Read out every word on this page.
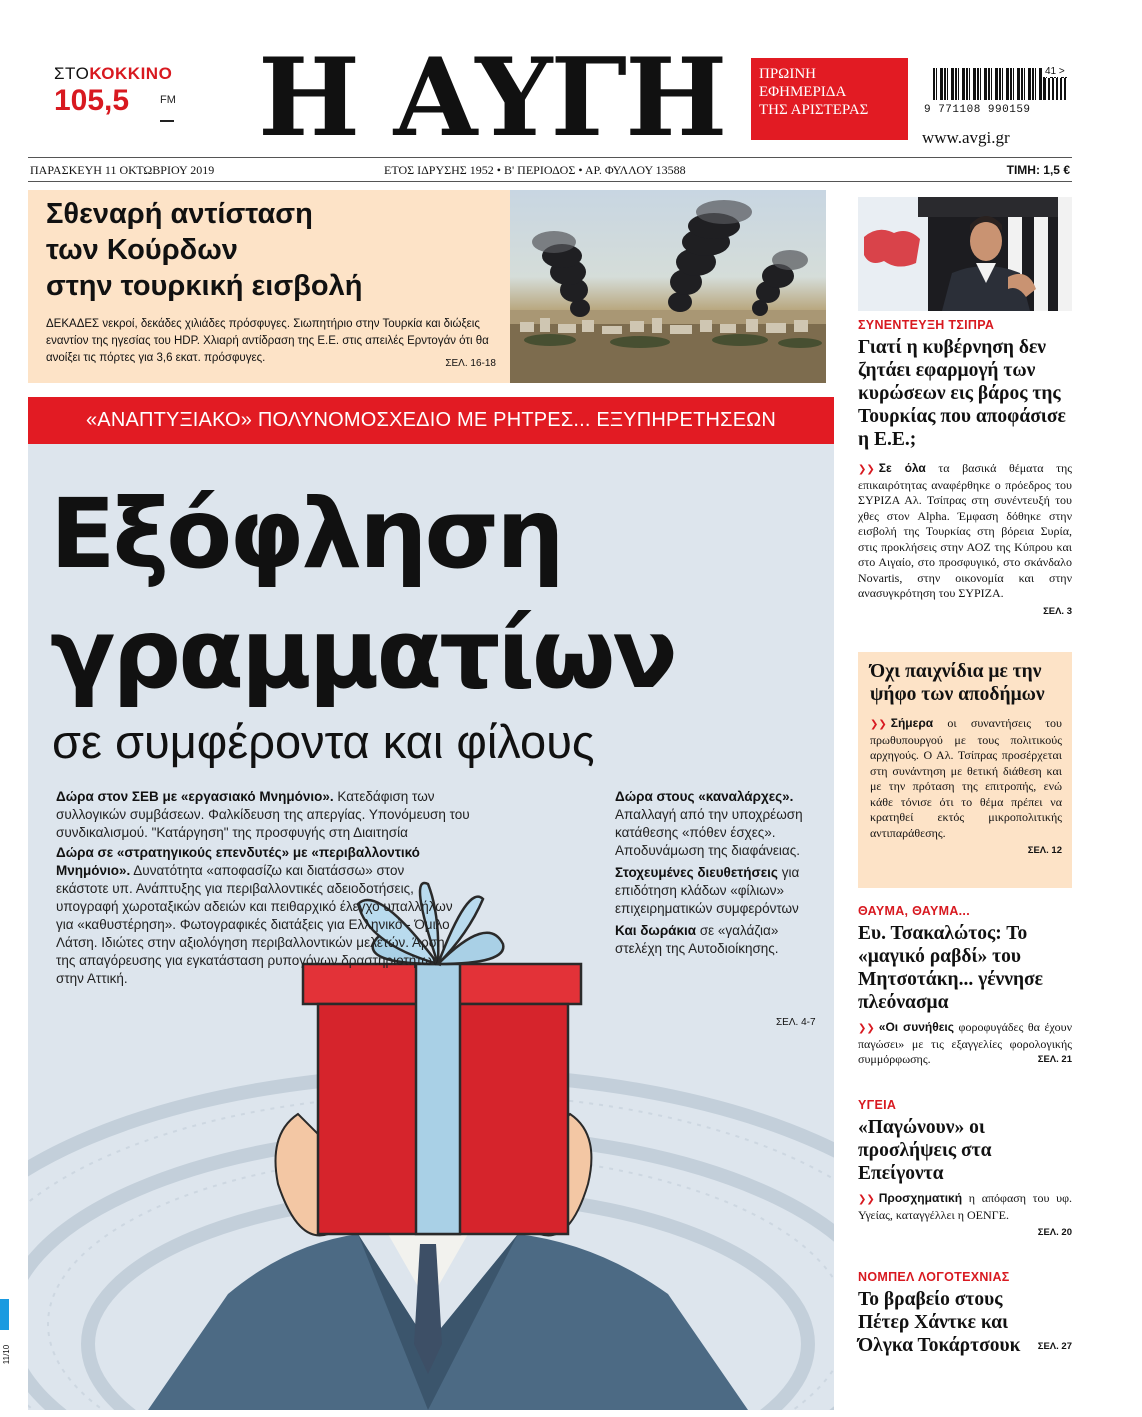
ΣΤΟΚΟΚΚΙΝΟ
105,5	FM Η ΑΥΓΗ ΠΡΩΙΝΗ
ΕΦΗΜΕΡΙΔΑ
ΤΗΣ ΑΡΙΣΤΕΡΑΣ
41 >
9 771108 990159
www.avgi.gr
ΠΑΡΑΣΚΕΥΗ 11 ΟΚΤΩΒΡΙΟΥ 2019	ΕΤΟΣ ΙΔΡΥΣΗΣ 1952 • Β' ΠΕΡΙΟΔΟΣ • ΑΡ. ΦΥΛΛΟΥ 13588	ΤΙΜΗ: 1,5 €
Σθεναρή αντίσταση
των Κούρδων
στην τουρκική εισβολή

ΔΕΚΑΔΕΣ νεκροί, δεκάδες χιλιάδες πρόσφυγες. Σιωπητήριο στην Τουρκία και διώξεις εναντίον της ηγεσίας του HDP. Χλιαρή αντίδραση της Ε.Ε. στις απειλές Ερντογάν ότι θα ανοίξει τις πόρτες για 3,6 εκατ. πρόσφυγες.	ΣΕΛ. 16-18
«ΑΝΑΠΤΥΞΙΑΚΟ» ΠΟΛΥΝΟΜΟΣΧΕΔΙΟ ΜΕ ΡΗΤΡΕΣ... ΕΞΥΠΗΡΕΤΗΣΕΩΝ
Εξόφληση
γραμματίων
σε συμφέροντα και φίλους

Δώρα στον ΣΕΒ με «εργασιακό Μνημόνιο». Κατεδάφιση των συλλογικών συμβάσεων. Φαλκίδευση της απεργίας. Υπονόμευση του συνδικαλισμού. "Κατάργηση" της προσφυγής στη Διαιτησία

Δώρα σε «στρατηγικούς επενδυτές» με «περιβαλλοντικό Μνημόνιο». Δυνατότητα «αποφασίζω και διατάσσω» στον εκάστοτε υπ. Ανάπτυξης για περιβαλλοντικές αδειοδοτήσεις, υπογραφή χωροταξικών αδειών και πειθαρχικό έλεγχο υπαλλήλων για «καθυστέρηση». Φωτογραφικές διατάξεις για Ελληνικό - Όμιλο Λάτση. Ιδιώτες στην αξιολόγηση περιβαλλοντικών μελετών. Άρση της απαγόρευσης για εγκατάσταση ρυπογόνων δραστηριοτήτων στην Αττική.

Δώρα στους «καναλάρχες». Απαλλαγή από την υποχρέωση κατάθεσης «πόθεν έσχες». Απoδυνάμωση της διαφάνειας.

Στοχευμένες διευθετήσεις για επιδότηση κλάδων «φίλιων» επιχειρηματικών συμφερόντων

Και δωράκια σε «γαλάζια» στελέχη της Αυτοδιοίκησης.

ΣΕΛ. 4-7
ΣΥΝΕΝΤΕΥΞΗ ΤΣΙΠΡΑ
Γιατί η κυβέρνηση δεν ζητάει εφαρμογή των κυρώσεων εις βάρος της Τουρκίας που αποφάσισε η Ε.Ε.;
❯❯ Σε όλα τα βασικά θέματα της επικαιρότητας αναφέρθηκε ο πρόεδρος του ΣΥΡΙΖΑ Αλ. Τσίπρας στη συνέντευξή του χθες στον Alpha. Έμφαση δόθηκε στην εισβολή της Τουρκίας στη βόρεια Συρία, στις προκλήσεις στην ΑΟΖ της Κύπρου και στο Αιγαίο, στο προσφυγικό, στο σκάνδαλο Novartis, στην οικονομία και στην ανασυγκρότηση του ΣΥΡΙΖΑ.
ΣΕΛ. 3
Όχι παιχνίδια με την ψήφο των αποδήμων
❯❯ Σήμερα οι συναντήσεις του πρωθυπουργού με τους πολιτικούς αρχηγούς. Ο Αλ. Τσίπρας προσέρχεται στη συνάντηση με θετική διάθεση και με την πρόταση της επιτροπής, ενώ κάθε τόνισε ότι το θέμα πρέπει να κρατηθεί εκτός μικροπολιτικής αντιπαράθεσης.
ΣΕΛ. 12
ΘΑΥΜΑ, ΘΑΥΜΑ...
Ευ. Τσακαλώτος: Το «μαγικό ραβδί» του Μητσοτάκη... γέννησε πλεόνασμα
❯❯ «Οι συνήθεις φοροφυγάδες θα έχουν παγώσει» με τις εξαγγελίες φορολογικής συμμόρφωσης.	ΣΕΛ. 21
ΥΓΕΙΑ
«Παγώνουν» οι προσλήψεις στα Επείγοντα
❯❯ Προσχηματική η απόφαση του υφ. Υγείας, καταγγέλλει η ΟΕΝΓΕ.
ΣΕΛ. 20
ΝΟΜΠΕΛ ΛΟΓΟΤΕΧΝΙΑΣ
Το βραβείο στους Πέτερ Χάντκε και Όλγκα Τοκάρτσουκ	ΣΕΛ. 27
11/10
